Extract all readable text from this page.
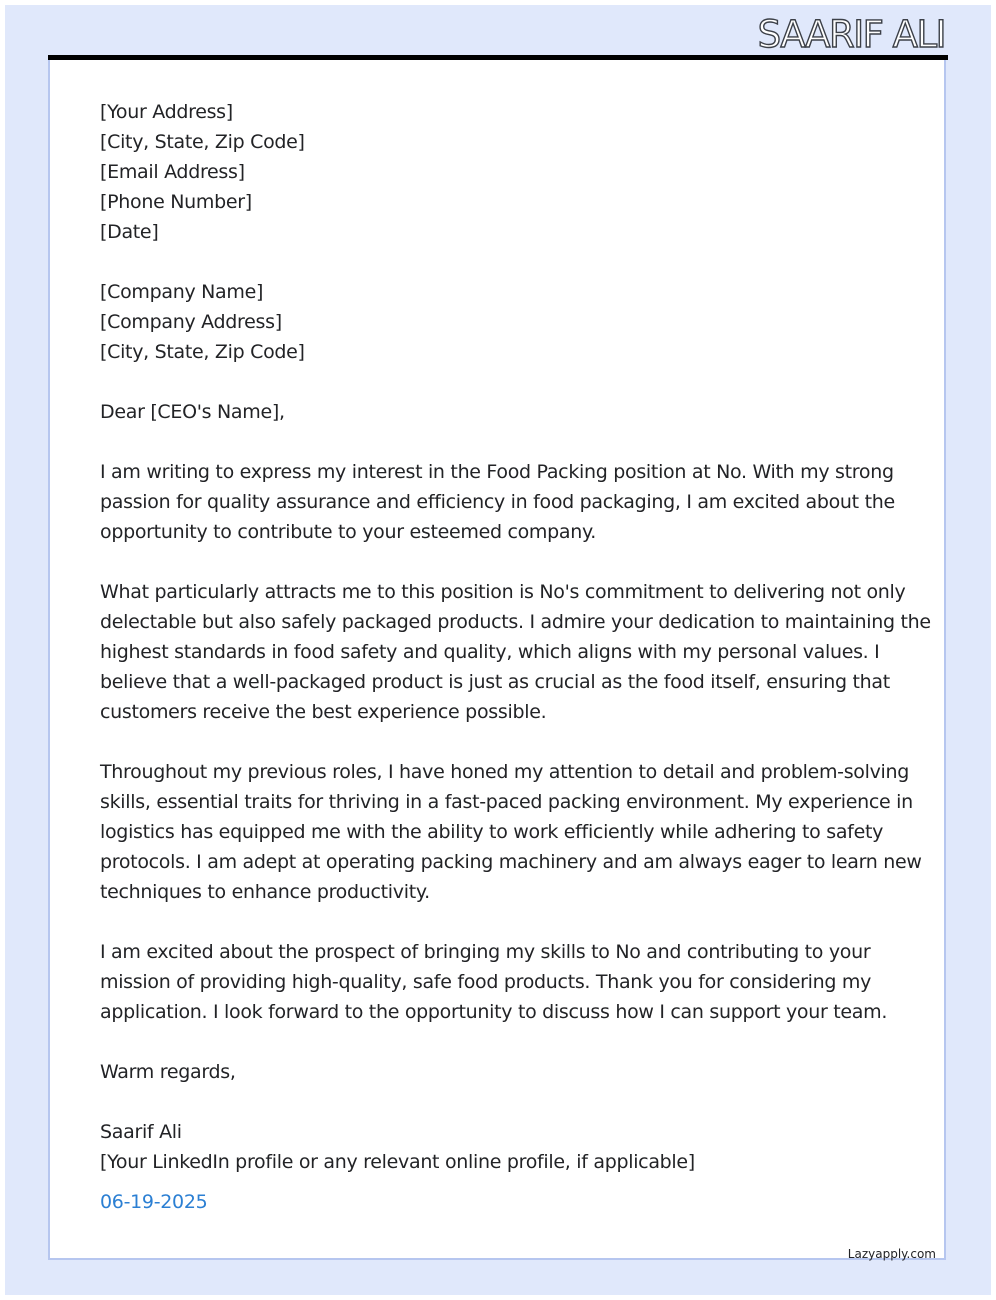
SAARIF ALI
[Your Address]
[City, State, Zip Code]
[Email Address]
[Phone Number]
[Date]
[Company Name]
[Company Address]
[City, State, Zip Code]
Dear [CEO's Name],
I am writing to express my interest in the Food Packing position at No. With my strong
passion for quality assurance and efficiency in food packaging, I am excited about the
opportunity to contribute to your esteemed company.
What particularly attracts me to this position is No's commitment to delivering not only
delectable but also safely packaged products. I admire your dedication to maintaining the
highest standards in food safety and quality, which aligns with my personal values. I
believe that a well-packaged product is just as crucial as the food itself, ensuring that
customers receive the best experience possible.
Throughout my previous roles, I have honed my attention to detail and problem-solving
skills, essential traits for thriving in a fast-paced packing environment. My experience in
logistics has equipped me with the ability to work efficiently while adhering to safety
protocols. I am adept at operating packing machinery and am always eager to learn new
techniques to enhance productivity.
I am excited about the prospect of bringing my skills to No and contributing to your
mission of providing high-quality, safe food products. Thank you for considering my
application. I look forward to the opportunity to discuss how I can support your team.
Warm regards,
Saarif Ali
[Your LinkedIn profile or any relevant online profile, if applicable]
06-19-2025
Lazyapply.com
